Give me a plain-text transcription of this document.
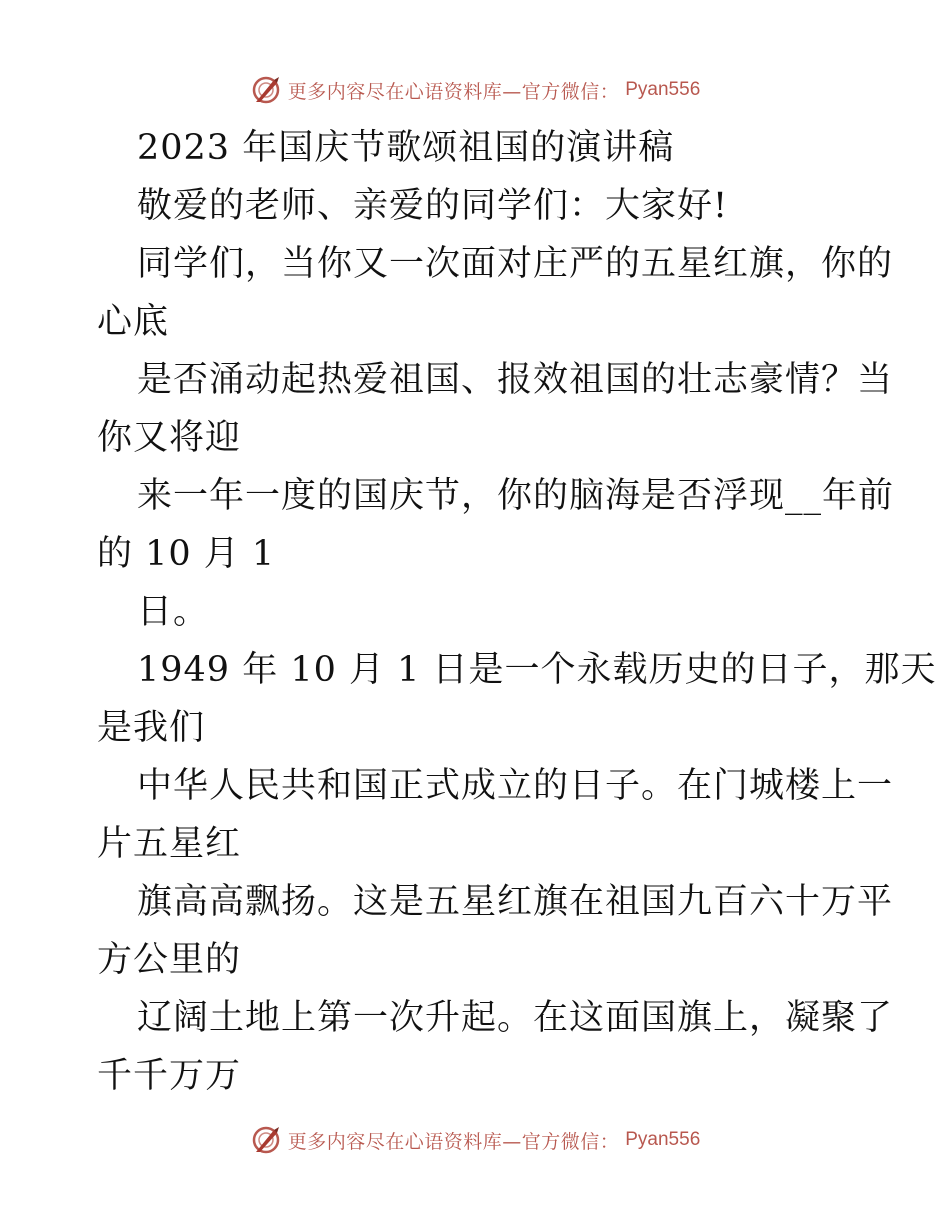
更多内容尽在心语资料库—官方微信： Pyan556
2023 年国庆节歌颂祖国的演讲稿
敬爱的老师、亲爱的同学们：大家好!
同学们，当你又一次面对庄严的五星红旗，你的
心底
是否涌动起热爱祖国、报效祖国的壮志豪情？当
你又将迎
来一年一度的国庆节，你的脑海是否浮现__年前
的 10 月 1
日。
1949 年 10 月 1 日是一个永载历史的日子，那天
是我们
中华人民共和国正式成立的日子。在门城楼上一
片五星红
旗高高飘扬。这是五星红旗在祖国九百六十万平
方公里的
辽阔土地上第一次升起。在这面国旗上，凝聚了
千千万万
更多内容尽在心语资料库—官方微信： Pyan556
